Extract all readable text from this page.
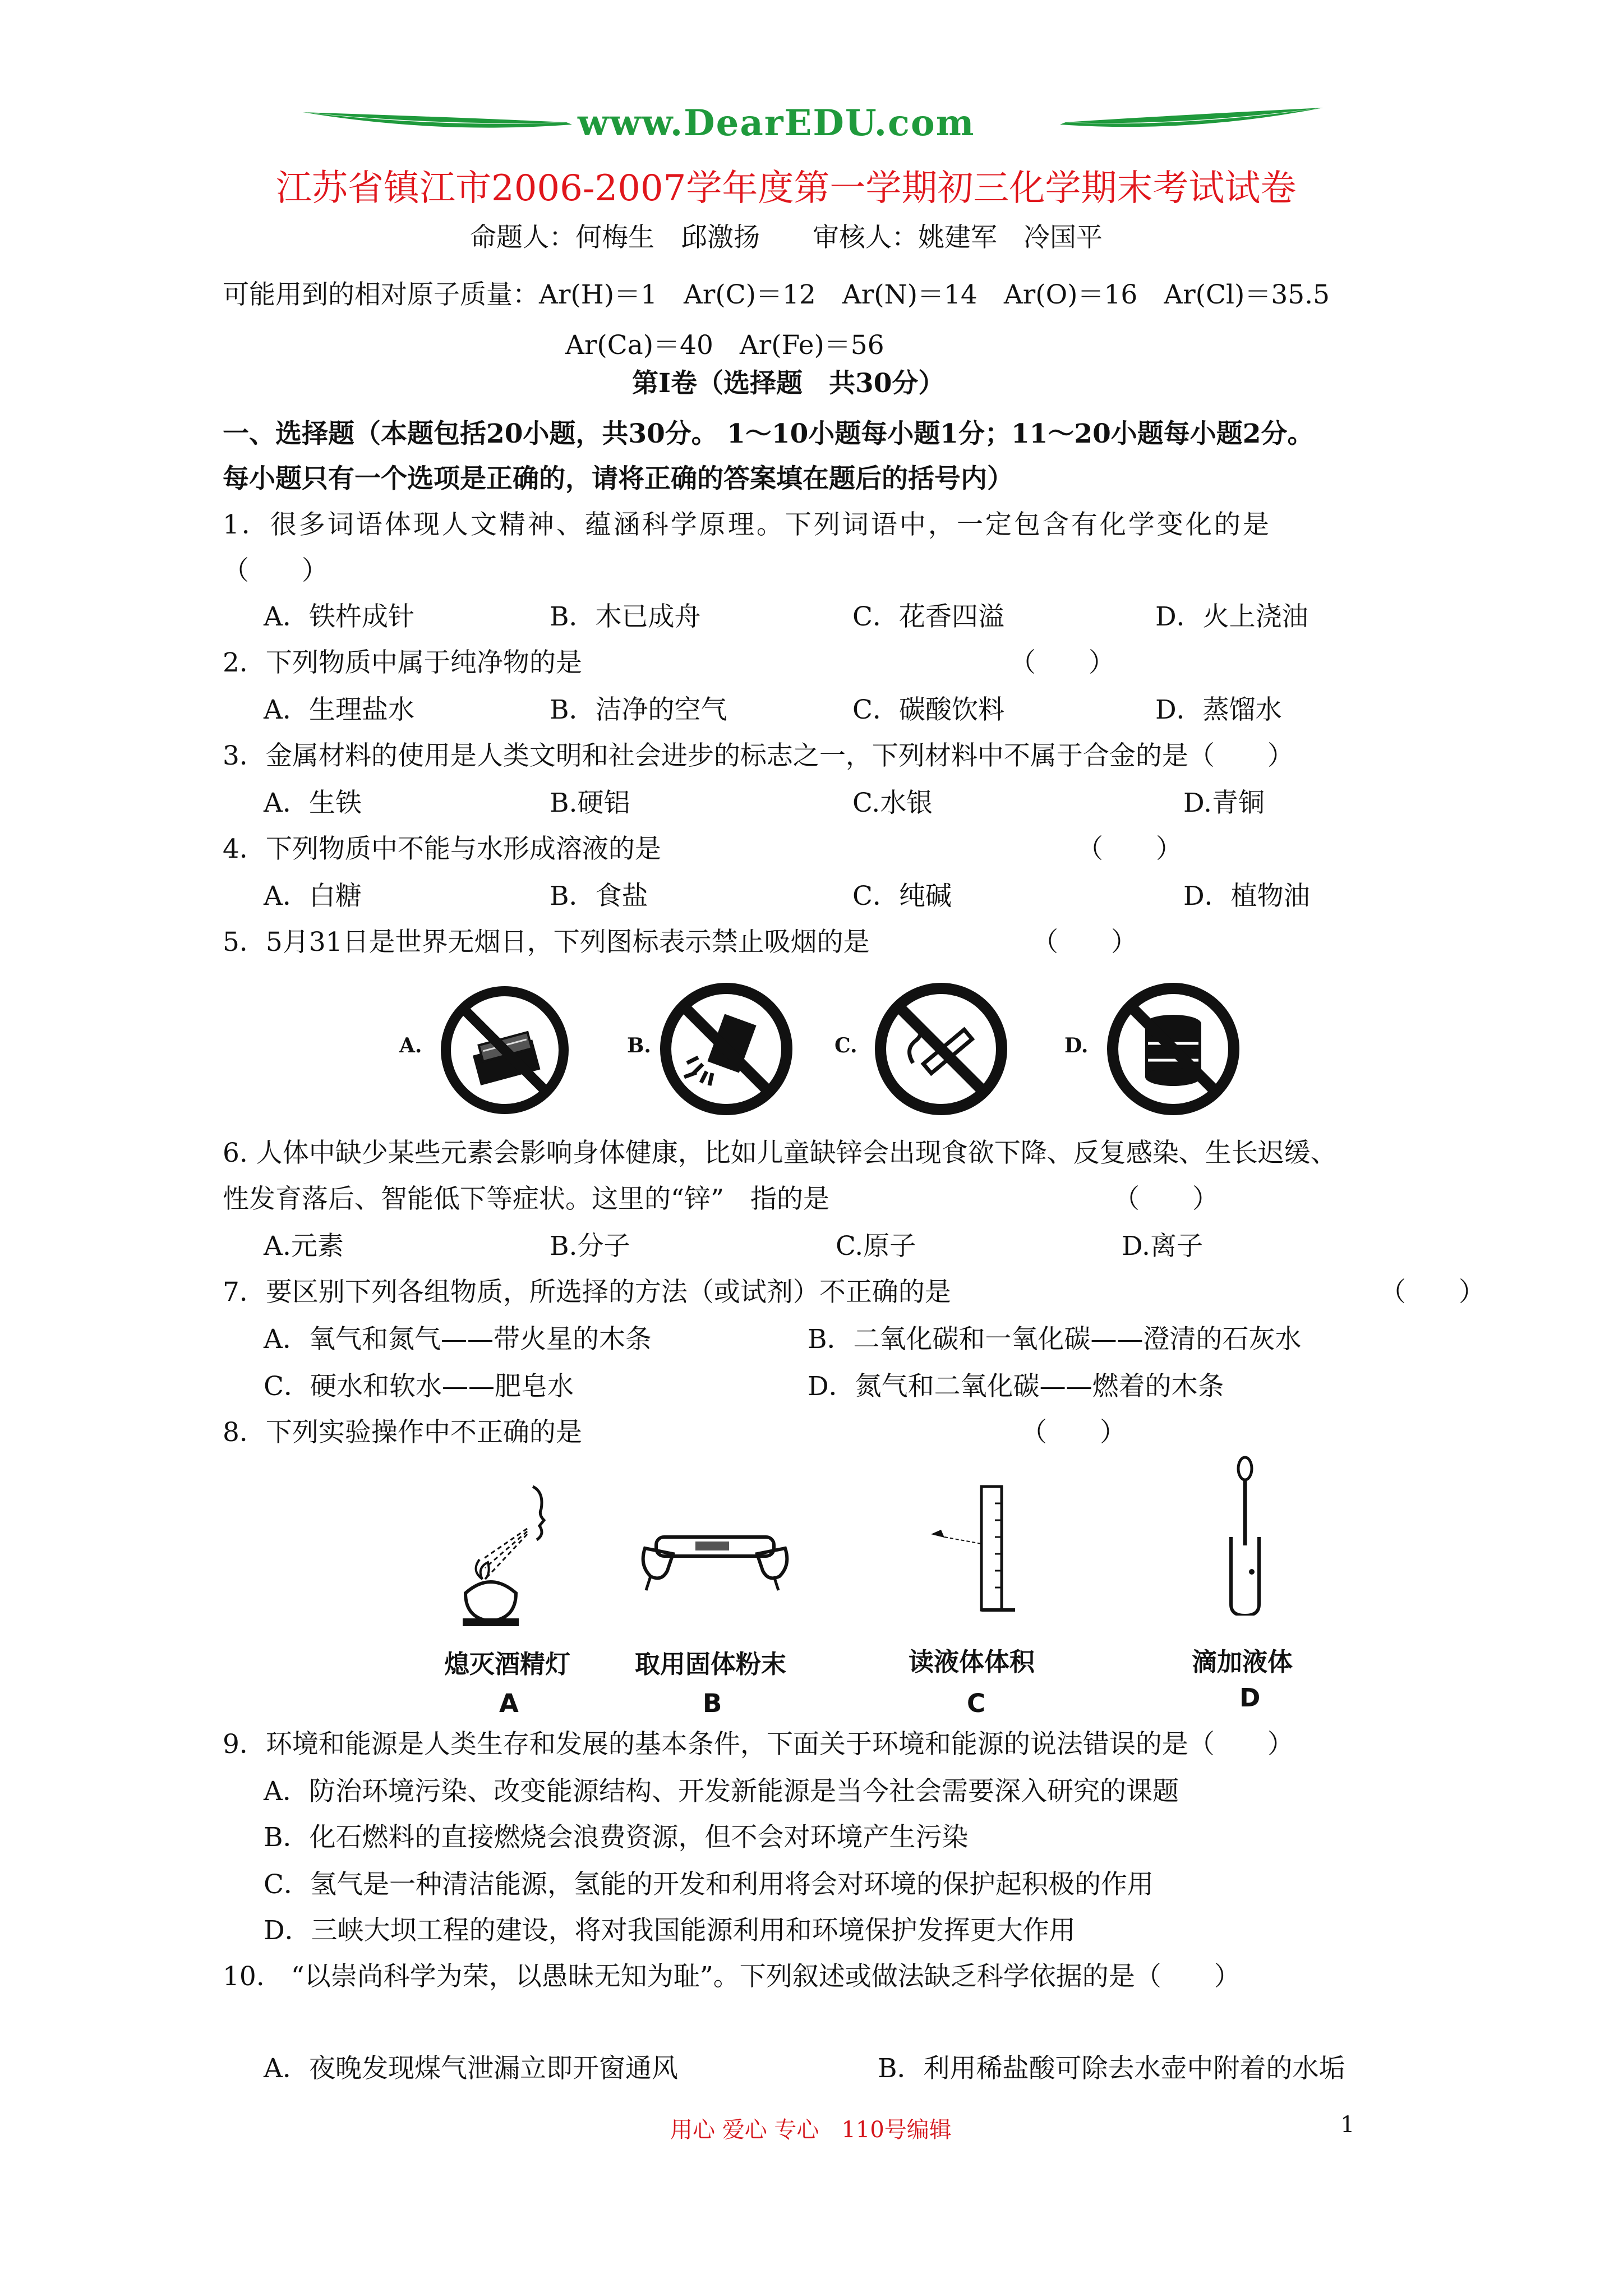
www.DearEDU.com
江苏省镇江市2006-2007学年度第一学期初三化学期末考试试卷
命题人：何梅生　邱激扬　　审核人：姚建军　冷国平
可能用到的相对原子质量：Ar(H)＝1　Ar(C)＝12　Ar(N)＝14　Ar(O)＝16　Ar(Cl)＝35.5
Ar(Ca)＝40　Ar(Fe)＝56
第Ⅰ卷（选择题　共30分）
一、选择题（本题包括20小题，共30分。 1～10小题每小题1分；11～20小题每小题2分。
每小题只有一个选项是正确的，请将正确的答案填在题后的括号内）
1．很多词语体现人文精神、蕴涵科学原理。下列词语中，一定包含有化学变化的是
（　　）
A．铁杵成针	B．木已成舟	C．花香四溢	D．火上浇油
2．下列物质中属于纯净物的是	（　　）
A．生理盐水	B．洁净的空气	C．碳酸饮料	D．蒸馏水
3．金属材料的使用是人类文明和社会进步的标志之一，下列材料中不属于合金的是（　　）
A．生铁	B.硬铝	C.水银	D.青铜
4．下列物质中不能与水形成溶液的是	（　　）
A．白糖	B．食盐	C．纯碱	D．植物油
5．5月31日是世界无烟日，下列图标表示禁止吸烟的是	（　　）
A.	B.	C.	D.
6. 人体中缺少某些元素会影响身体健康，比如儿童缺锌会出现食欲下降、反复感染、生长迟缓、
性发育落后、智能低下等症状。这里的“锌”　指的是	（　　）
A.元素	B.分子	C.原子	D.离子
7．要区别下列各组物质，所选择的方法（或试剂）不正确的是	（　　）
A．氧气和氮气——带火星的木条	B．二氧化碳和一氧化碳——澄清的石灰水
C．硬水和软水——肥皂水	D．氮气和二氧化碳——燃着的木条
8．下列实验操作中不正确的是	（　　）
熄灭酒精灯	取用固体粉末	读液体体积	滴加液体
A	B	C	D
9．环境和能源是人类生存和发展的基本条件，下面关于环境和能源的说法错误的是（　　）
A．防治环境污染、改变能源结构、开发新能源是当今社会需要深入研究的课题
B．化石燃料的直接燃烧会浪费资源，但不会对环境产生污染
C．氢气是一种清洁能源，氢能的开发和利用将会对环境的保护起积极的作用
D．三峡大坝工程的建设，将对我国能源利用和环境保护发挥更大作用
10.　“以崇尚科学为荣，以愚昧无知为耻”。下列叙述或做法缺乏科学依据的是（　　）
A．夜晚发现煤气泄漏立即开窗通风	B．利用稀盐酸可除去水壶中附着的水垢
用心 爱心 专心　110号编辑	1
